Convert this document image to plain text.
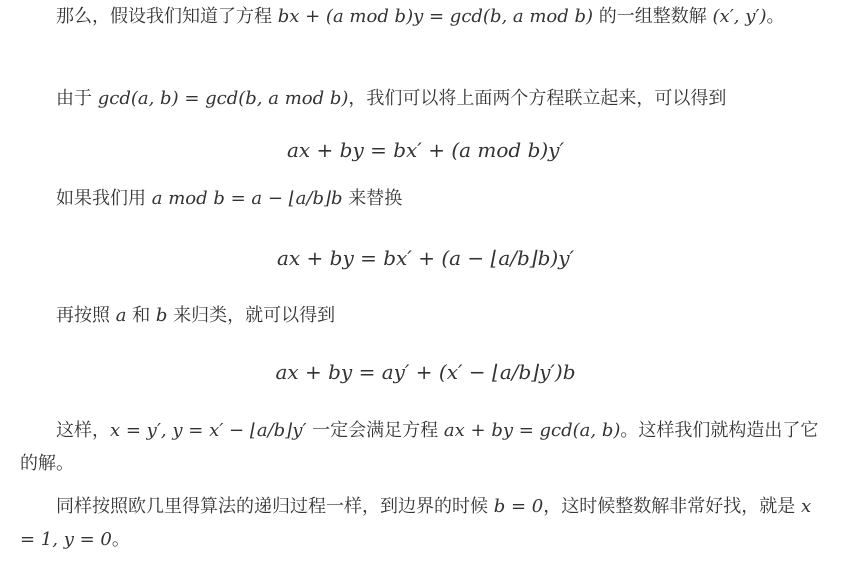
那么，假设我们知道了方程 bx + (a mod b)y = gcd(b, a mod b) 的一组整数解 (x′, y′)。

由于 gcd(a, b) = gcd(b, a mod b)，我们可以将上面两个方程联立起来，可以得到

ax + by = bx′ + (a mod b)y′

如果我们用 a mod b = a − ⌊a/b⌋b 来替换

ax + by = bx′ + (a − ⌊a/b⌋b)y′

再按照 a 和 b 来归类，就可以得到

ax + by = ay′ + (x′ − ⌊a/b⌋y′)b

这样，x = y′, y = x′ − ⌊a/b⌋y′ 一定会满足方程 ax + by = gcd(a, b)。这样我们就构造出了它的解。

同样按照欧几里得算法的递归过程一样，到边界的时候 b = 0，这时候整数解非常好找，就是 x = 1, y = 0。
